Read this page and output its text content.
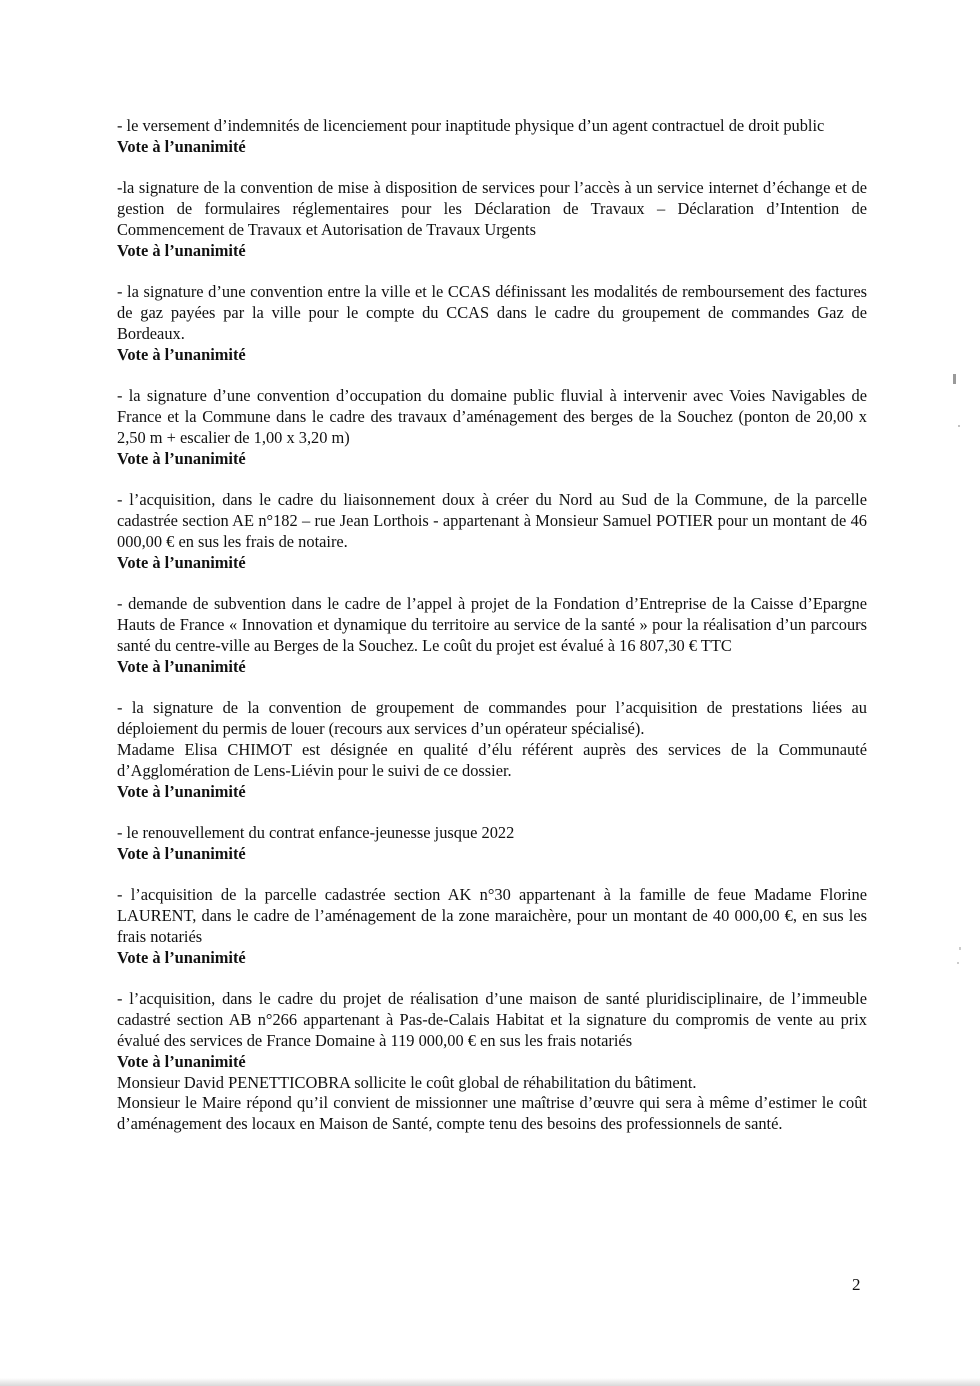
- le versement d’indemnités de licenciement pour inaptitude physique d’un agent contractuel de droit public

Vote à l’unanimité

-la signature de la convention de mise à disposition de services pour l’accès à un service internet d’échange et de gestion de formulaires réglementaires pour les Déclaration de Travaux – Déclaration d’Intention de Commencement de Travaux et Autorisation de Travaux Urgents

Vote à l’unanimité

- la signature d’une convention entre la ville et le CCAS définissant les modalités de remboursement des factures de gaz payées par la ville pour le compte du CCAS dans le cadre du groupement de commandes Gaz de Bordeaux.

Vote à l’unanimité

- la signature d’une convention d’occupation du domaine public fluvial à intervenir avec Voies Navigables de France et la Commune dans le cadre des travaux d’aménagement des berges de la Souchez (ponton de 20,00 x 2,50 m + escalier de 1,00 x 3,20 m)

Vote à l’unanimité

- l’acquisition, dans le cadre du liaisonnement doux à créer du Nord au Sud de la Commune, de la parcelle cadastrée section AE n°182 – rue Jean Lorthois - appartenant à Monsieur Samuel POTIER pour un montant de 46 000,00 € en sus les frais de notaire.

Vote à l’unanimité

- demande de subvention dans le cadre de l’appel à projet de la Fondation d’Entreprise de la Caisse d’Epargne Hauts de France « Innovation et dynamique du territoire au service de la santé » pour la réalisation d’un parcours santé du centre-ville au Berges de la Souchez. Le coût du projet est évalué à 16 807,30 € TTC

Vote à l’unanimité

- la signature de la convention de groupement de commandes pour l’acquisition de prestations liées au déploiement du permis de louer (recours aux services d’un opérateur spécialisé).

Madame Elisa CHIMOT est désignée en qualité d’élu référent auprès des services de la Communauté d’Agglomération de Lens-Liévin pour le suivi de ce dossier.

Vote à l’unanimité

- le renouvellement du contrat enfance-jeunesse jusque 2022

Vote à l’unanimité

- l’acquisition de la parcelle cadastrée section AK n°30 appartenant à la famille de feue Madame Florine LAURENT, dans le cadre de l’aménagement de la zone maraichère, pour un montant de 40 000,00 €, en sus les frais notariés

Vote à l’unanimité

- l’acquisition, dans le cadre du projet de réalisation d’une maison de santé pluridisciplinaire, de l’immeuble cadastré section AB n°266 appartenant à Pas-de-Calais Habitat et la signature du compromis de vente au prix évalué des services de France Domaine à 119 000,00 € en sus les frais notariés

Vote à l’unanimité

Monsieur David PENETTICOBRA sollicite le coût global de réhabilitation du bâtiment.

Monsieur le Maire répond qu’il convient de missionner une maîtrise d’œuvre qui sera à même d’estimer le coût d’aménagement des locaux en Maison de Santé, compte tenu des besoins des professionnels de santé.

2
